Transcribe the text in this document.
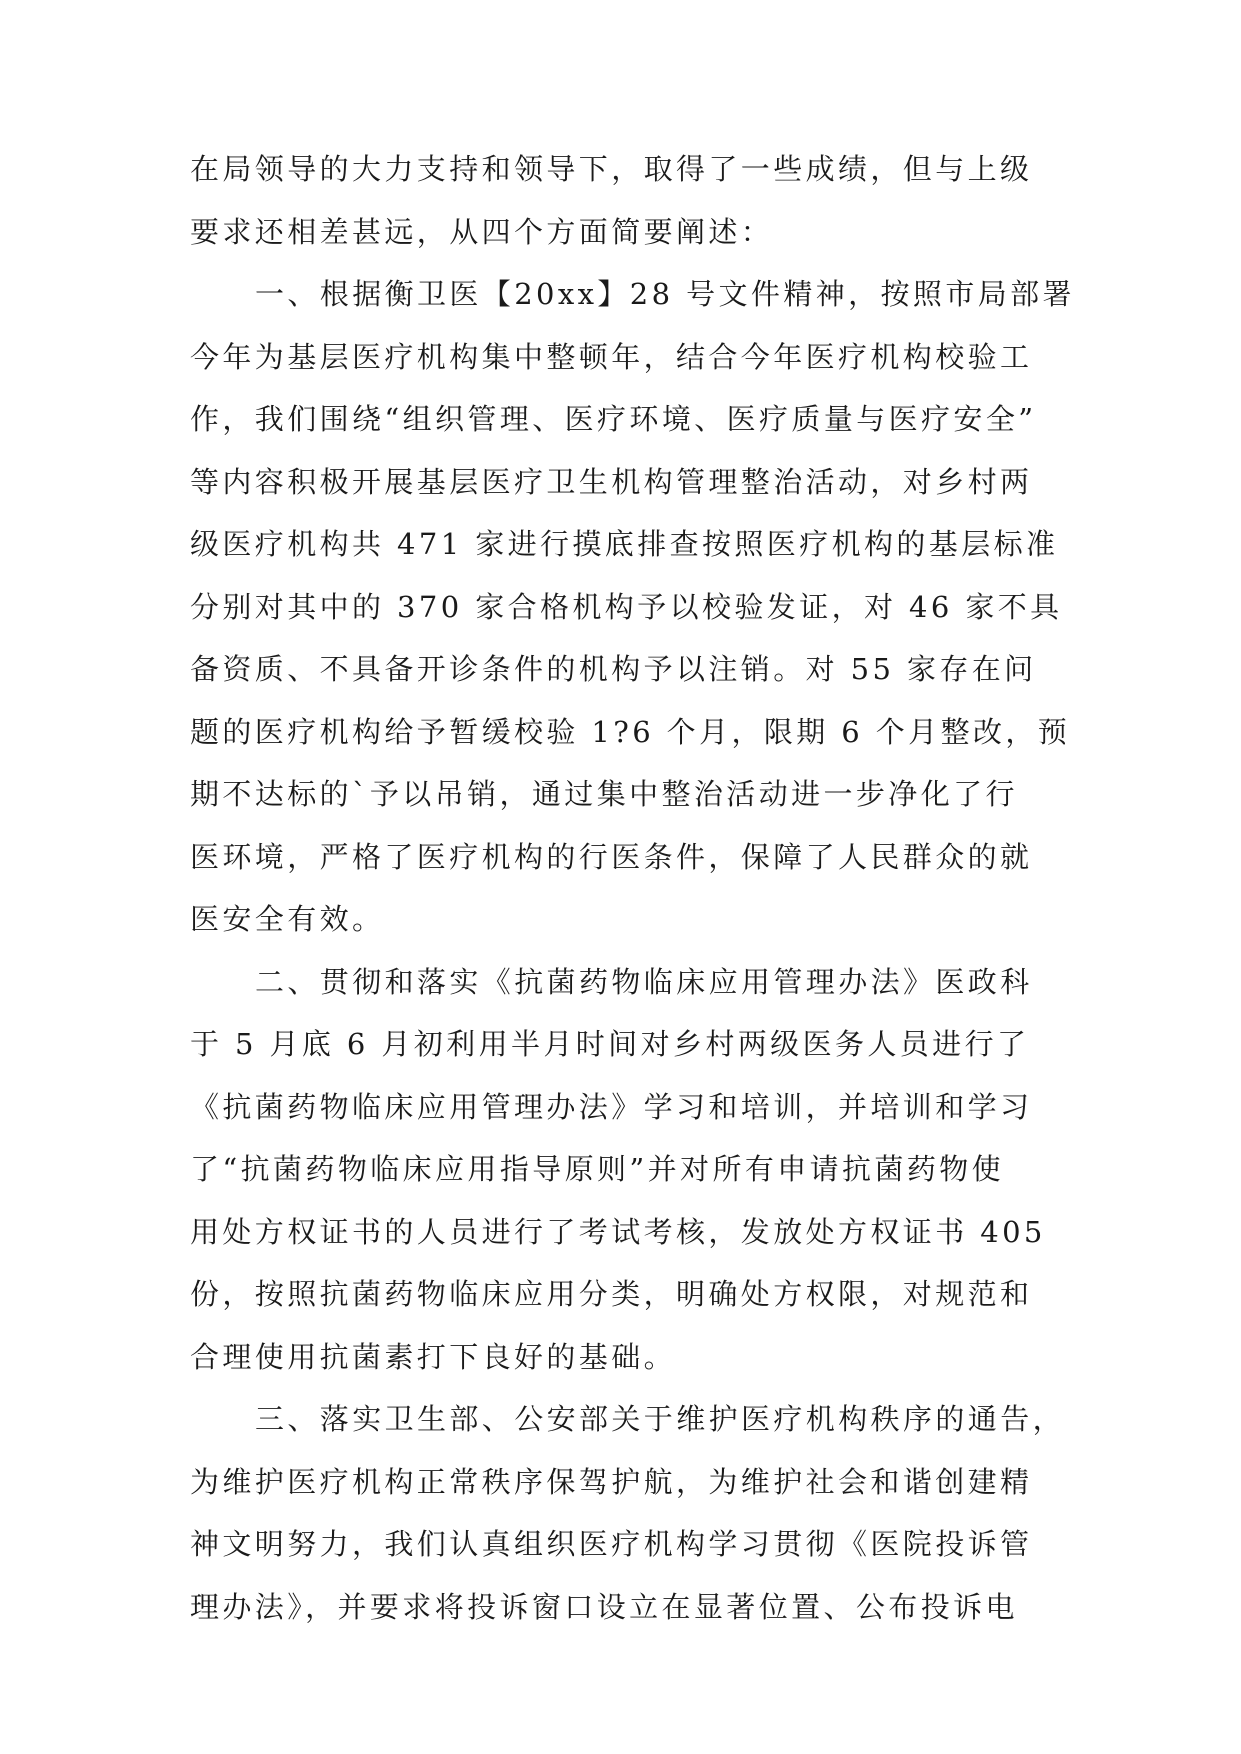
在局领导的大力支持和领导下，取得了一些成绩，但与上级
要求还相差甚远，从四个方面简要阐述：
一、根据衡卫医【20xx】28 号文件精神，按照市局部署
今年为基层医疗机构集中整顿年，结合今年医疗机构校验工
作，我们围绕“组织管理、医疗环境、医疗质量与医疗安全”
等内容积极开展基层医疗卫生机构管理整治活动，对乡村两
级医疗机构共 471 家进行摸底排查按照医疗机构的基层标准
分别对其中的 370 家合格机构予以校验发证，对 46 家不具
备资质、不具备开诊条件的机构予以注销。对 55 家存在问
题的医疗机构给予暂缓校验 1?6 个月，限期 6 个月整改，预
期不达标的`予以吊销，通过集中整治活动进一步净化了行
医环境，严格了医疗机构的行医条件，保障了人民群众的就
医安全有效。
二、贯彻和落实《抗菌药物临床应用管理办法》医政科
于 5 月底 6 月初利用半月时间对乡村两级医务人员进行了
《抗菌药物临床应用管理办法》学习和培训，并培训和学习
了“抗菌药物临床应用指导原则”并对所有申请抗菌药物使
用处方权证书的人员进行了考试考核，发放处方权证书 405
份，按照抗菌药物临床应用分类，明确处方权限，对规范和
合理使用抗菌素打下良好的基础。
三、落实卫生部、公安部关于维护医疗机构秩序的通告，
为维护医疗机构正常秩序保驾护航，为维护社会和谐创建精
神文明努力，我们认真组织医疗机构学习贯彻《医院投诉管
理办法》，并要求将投诉窗口设立在显著位置、公布投诉电
